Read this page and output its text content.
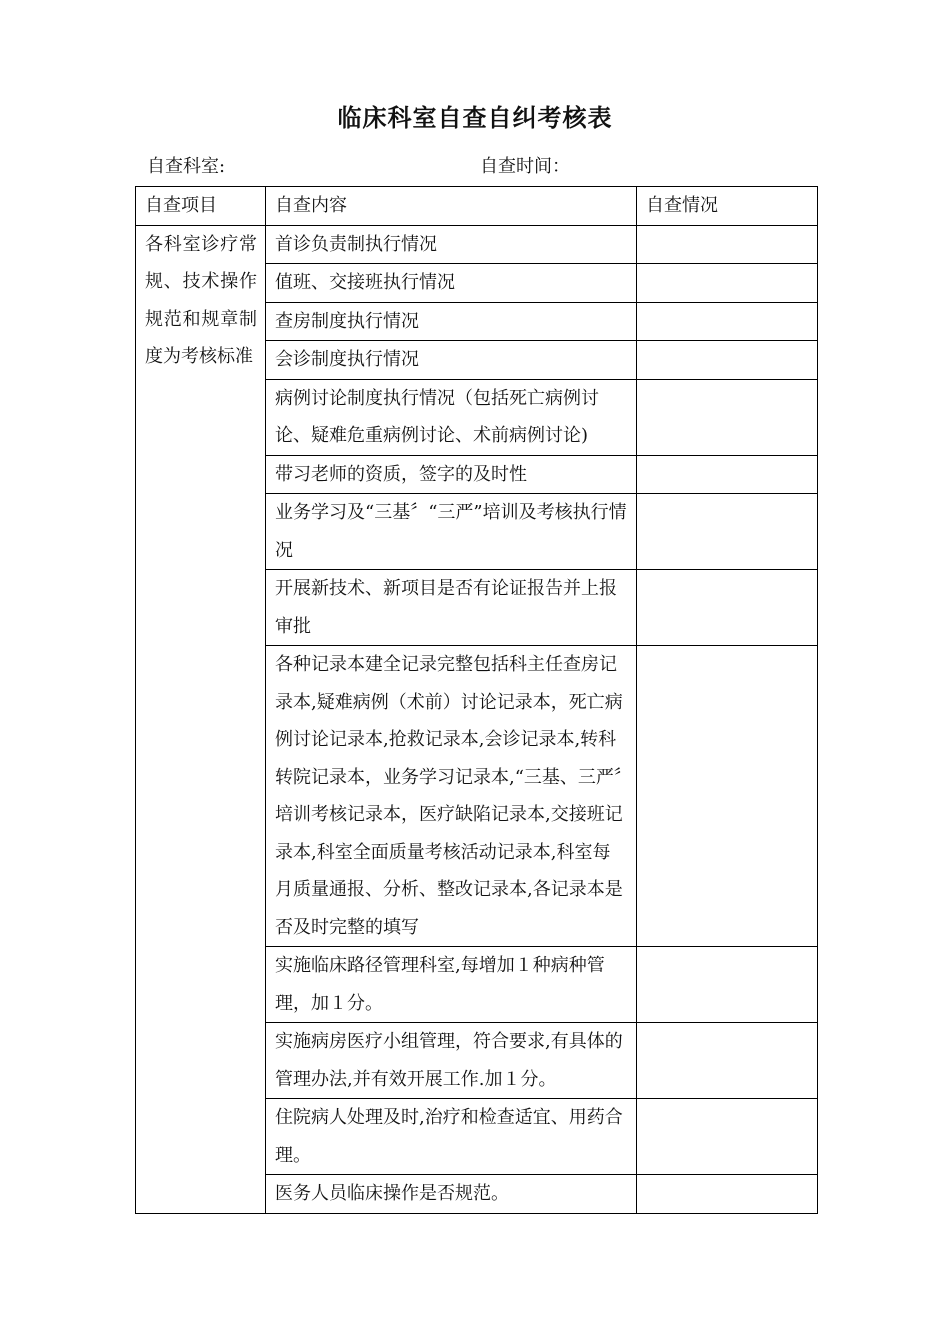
临床科室自查自纠考核表
自查科室:	自查时间：
自查项目	自查内容	自查情况
各科室诊疗常规、技术操作规范和规章制度为考核标准	首诊负责制执行情况	
	值班、交接班执行情况	
	查房制度执行情况	
	会诊制度执行情况	
	病例讨论制度执行情况（包括死亡病例讨论、疑难危重病例讨论、术前病例讨论)	
	带习老师的资质，签字的及时性	
	业务学习及“三基〞“三严”培训及考核执行情况	
	开展新技术、新项目是否有论证报告并上报审批	
	各种记录本建全记录完整包括科主任查房记录本,疑难病例（术前）讨论记录本，死亡病例讨论记录本,抢救记录本,会诊记录本,转科转院记录本，业务学习记录本,“三基、三严〞培训考核记录本，医疗缺陷记录本,交接班记录本,科室全面质量考核活动记录本,科室每月质量通报、分析、整改记录本,各记录本是否及时完整的填写	
	实施临床路径管理科室,每增加１种病种管理，加１分。	
	实施病房医疗小组管理，符合要求,有具体的管理办法,并有效开展工作.加１分。	
	住院病人处理及时,治疗和检查适宜、用药合理。	
	医务人员临床操作是否规范。	
